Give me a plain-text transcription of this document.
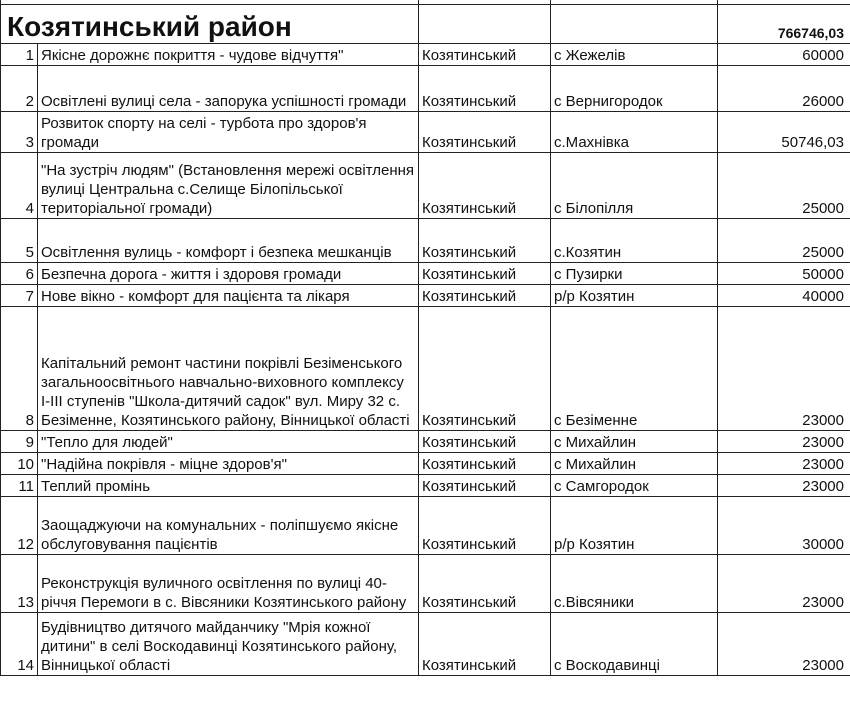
Козятинський район				766746,03
1	Якісне дорожнє покриття - чудове відчуття"	Козятинський	с Жежелів	60000
2	Освітлені вулиці села - запорука успішності громади	Козятинський	с Вернигородок	26000
3	Розвиток спорту на селі - турбота про здоров'я громади	Козятинський	с.Махнівка	50746,03
4	"На зустріч людям" (Встановлення мережі освітлення вулиці Центральна с.Селище Білопільської територіальної громади)	Козятинський	с Білопілля	25000
5	Освітлення вулиць - комфорт і безпека мешканців	Козятинський	с.Козятин	25000
6	Безпечна дорога - життя і здоровя громади	Козятинський	с Пузирки	50000
7	Нове вікно - комфорт для пацієнта та лікаря	Козятинський	р/р Козятин	40000
8	Капітальний ремонт частини покрівлі Безіменського загальноосвітнього навчально-виховного комплексу І-ІІІ ступенів "Школа-дитячий садок" вул. Миру 32 с. Безіменне, Козятинського району, Вінницької області	Козятинський	с Безіменне	23000
9	"Тепло для людей"	Козятинський	с Михайлин	23000
10	"Надійна покрівля - міцне здоров'я"	Козятинський	с Михайлин	23000
11	Теплий промінь	Козятинський	с Самгородок	23000
12	Заощаджуючи на комунальних - поліпшуємо якісне обслуговування пацієнтів	Козятинський	р/р Козятин	30000
13	Реконструкція вуличного освітлення по вулиці 40-річчя Перемоги в с. Вівсяники Козятинського району	Козятинський	с.Вівсяники	23000
14	Будівництво дитячого майданчику "Мрія кожної дитини" в селі Воскодавинці Козятинського району, Вінницької області	Козятинський	с Воскодавинці	23000
